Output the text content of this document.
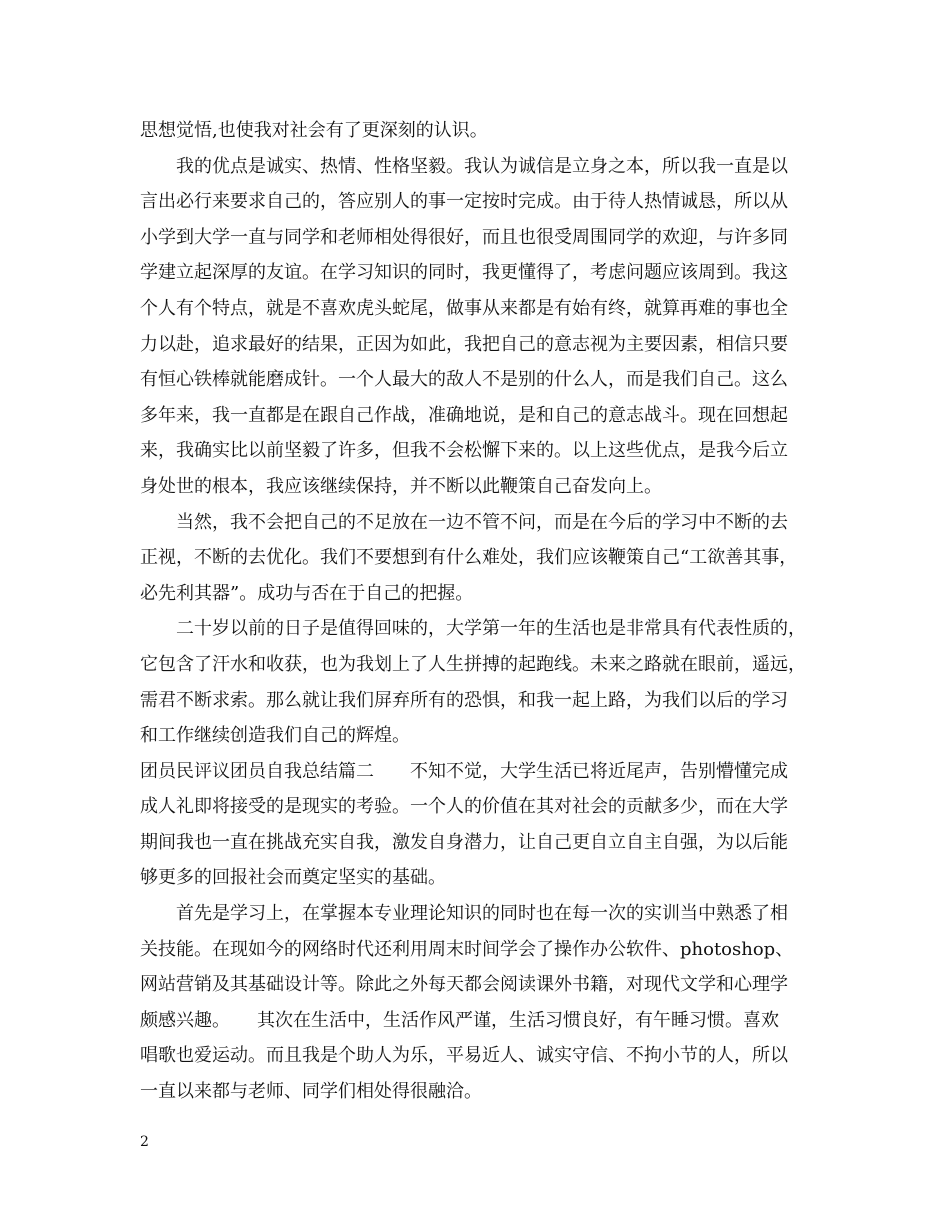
思想觉悟,也使我对社会有了更深刻的认识。
我的优点是诚实、热情、性格坚毅。我认为诚信是立身之本，所以我一直是以
言出必行来要求自己的，答应别人的事一定按时完成。由于待人热情诚恳，所以从
小学到大学一直与同学和老师相处得很好，而且也很受周围同学的欢迎，与许多同
学建立起深厚的友谊。在学习知识的同时，我更懂得了，考虑问题应该周到。我这
个人有个特点，就是不喜欢虎头蛇尾，做事从来都是有始有终，就算再难的事也全
力以赴，追求最好的结果，正因为如此，我把自己的意志视为主要因素，相信只要
有恒心铁棒就能磨成针。一个人最大的敌人不是别的什么人，而是我们自己。这么
多年来，我一直都是在跟自己作战，准确地说，是和自己的意志战斗。现在回想起
来，我确实比以前坚毅了许多，但我不会松懈下来的。以上这些优点，是我今后立
身处世的根本，我应该继续保持，并不断以此鞭策自己奋发向上。
当然，我不会把自己的不足放在一边不管不问，而是在今后的学习中不断的去
正视，不断的去优化。我们不要想到有什么难处，我们应该鞭策自己“工欲善其事，
必先利其器”。成功与否在于自己的把握。
二十岁以前的日子是值得回味的，大学第一年的生活也是非常具有代表性质的，
它包含了汗水和收获，也为我划上了人生拼搏的起跑线。未来之路就在眼前，遥远，
需君不断求索。那么就让我们屏弃所有的恐惧，和我一起上路，为我们以后的学习
和工作继续创造我们自己的辉煌。
团员民评议团员自我总结篇二　　不知不觉，大学生活已将近尾声，告别懵懂完成
成人礼即将接受的是现实的考验。一个人的价值在其对社会的贡献多少，而在大学
期间我也一直在挑战充实自我，激发自身潜力，让自己更自立自主自强，为以后能
够更多的回报社会而奠定坚实的基础。
首先是学习上，在掌握本专业理论知识的同时也在每一次的实训当中熟悉了相
关技能。在现如今的网络时代还利用周末时间学会了操作办公软件、photoshop、
网站营销及其基础设计等。除此之外每天都会阅读课外书籍，对现代文学和心理学
颇感兴趣。　　其次在生活中，生活作风严谨，生活习惯良好，有午睡习惯。喜欢
唱歌也爱运动。而且我是个助人为乐，平易近人、诚实守信、不拘小节的人，所以
一直以来都与老师、同学们相处得很融洽。
2
